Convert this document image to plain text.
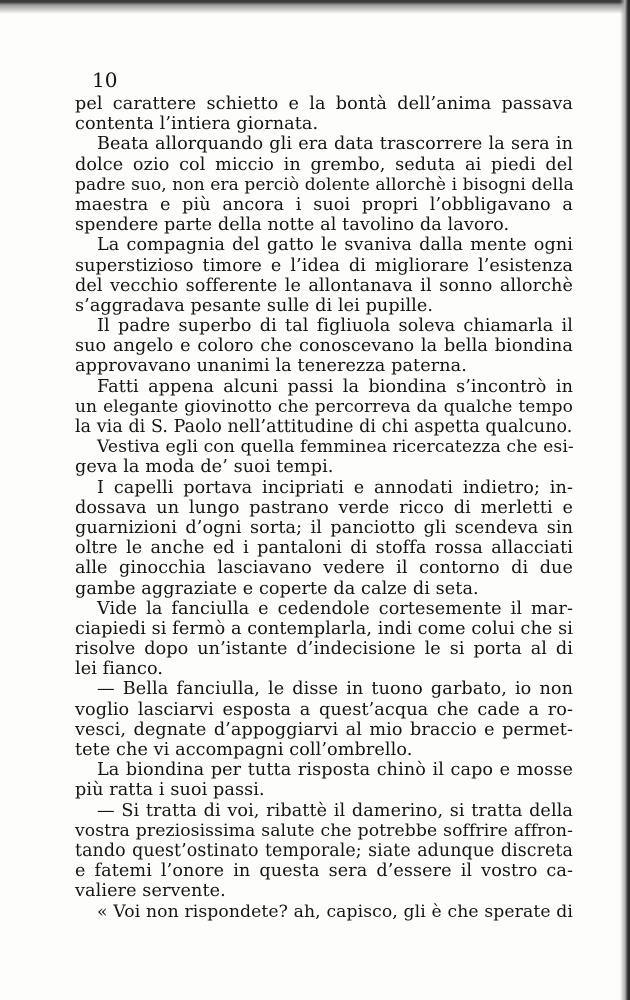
10
pel carattere schietto e la bontà dell’anima passava
contenta l’intiera giornata.
Beata allorquando gli era data trascorrere la sera in
dolce ozio col miccio in grembo, seduta ai piedi del
padre suo, non era perciò dolente allorchè i bisogni della
maestra e più ancora i suoi propri l’obbligavano a
spendere parte della notte al tavolino da lavoro.
La compagnia del gatto le svaniva dalla mente ogni
superstizioso timore e l’idea di migliorare l’esistenza
del vecchio sofferente le allontanava il sonno allorchè
s’aggradava pesante sulle di lei pupille.
Il padre superbo di tal figliuola soleva chiamarla il
suo angelo e coloro che conoscevano la bella biondina
approvavano unanimi la tenerezza paterna.
Fatti appena alcuni passi la biondina s’incontrò in
un elegante giovinotto che percorreva da qualche tempo
la via di S. Paolo nell’attitudine di chi aspetta qualcuno.
Vestiva egli con quella femminea ricercatezza che esi-
geva la moda de’ suoi tempi.
I capelli portava incipriati e annodati indietro; in-
dossava un lungo pastrano verde ricco di merletti e
guarnizioni d’ogni sorta; il panciotto gli scendeva sin
oltre le anche ed i pantaloni di stoffa rossa allacciati
alle ginocchia lasciavano vedere il contorno di due
gambe aggraziate e coperte da calze di seta.
Vide la fanciulla e cedendole cortesemente il mar-
ciapiedi si fermò a contemplarla, indi come colui che si
risolve dopo un’istante d’indecisione le si porta al di
lei fianco.
— Bella fanciulla, le disse in tuono garbato, io non
voglio lasciarvi esposta a quest’acqua che cade a ro-
vesci, degnate d’appoggiarvi al mio braccio e permet-
tete che vi accompagni coll’ombrello.
La biondina per tutta risposta chinò il capo e mosse
più ratta i suoi passi.
— Si tratta di voi, ribattè il damerino, si tratta della
vostra preziosissima salute che potrebbe soffrire affron-
tando quest’ostinato temporale; siate adunque discreta
e fatemi l’onore in questa sera d’essere il vostro ca-
valiere servente.
« Voi non rispondete? ah, capisco, gli è che sperate di
